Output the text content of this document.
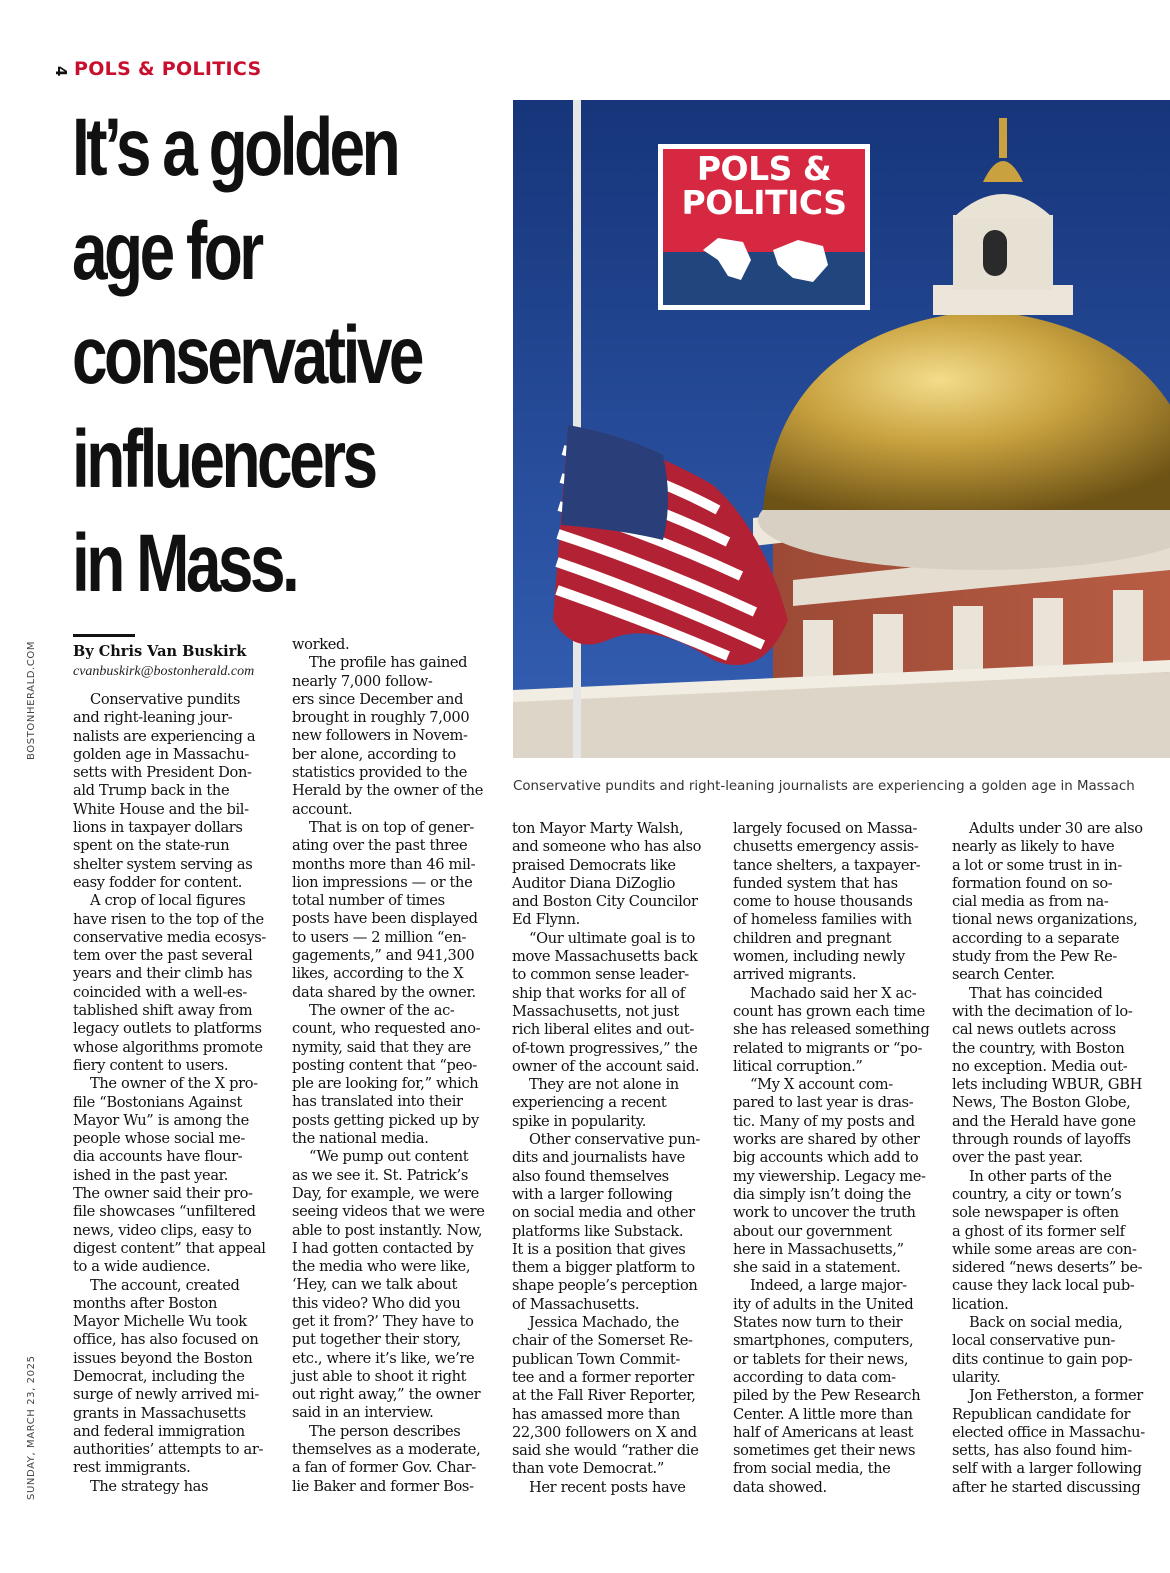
4 POLS & POLITICS
It’s a golden
age for
conservative
influencers
in Mass.
POLS &
POLITICS
Conservative pundits and right-leaning journalists are experiencing a golden age in Massach
BOSTONHERALD.COM
SUNDAY, MARCH 23, 2025
By Chris Van Buskirk
cvanbuskirk@bostonherald.com
Conservative pundits
and right-leaning jour-
nalists are experiencing a
golden age in Massachu-
setts with President Don-
ald Trump back in the
White House and the bil-
lions in taxpayer dollars
spent on the state-run
shelter system serving as
easy fodder for content.
A crop of local figures
have risen to the top of the
conservative media ecosys-
tem over the past several
years and their climb has
coincided with a well-es-
tablished shift away from
legacy outlets to platforms
whose algorithms promote
fiery content to users.
The owner of the X pro-
file “Bostonians Against
Mayor Wu” is among the
people whose social me-
dia accounts have flour-
ished in the past year.
The owner said their pro-
file showcases “unfiltered
news, video clips, easy to
digest content” that appeal
to a wide audience.
The account, created
months after Boston
Mayor Michelle Wu took
office, has also focused on
issues beyond the Boston
Democrat, including the
surge of newly arrived mi-
grants in Massachusetts
and federal immigration
authorities’ attempts to ar-
rest immigrants.
The strategy has
worked.
The profile has gained
nearly 7,000 follow-
ers since December and
brought in roughly 7,000
new followers in Novem-
ber alone, according to
statistics provided to the
Herald by the owner of the
account.
That is on top of gener-
ating over the past three
months more than 46 mil-
lion impressions — or the
total number of times
posts have been displayed
to users — 2 million “en-
gagements,” and 941,300
likes, according to the X
data shared by the owner.
The owner of the ac-
count, who requested ano-
nymity, said that they are
posting content that “peo-
ple are looking for,” which
has translated into their
posts getting picked up by
the national media.
“We pump out content
as we see it. St. Patrick’s
Day, for example, we were
seeing videos that we were
able to post instantly. Now,
I had gotten contacted by
the media who were like,
‘Hey, can we talk about
this video? Who did you
get it from?’ They have to
put together their story,
etc., where it’s like, we’re
just able to shoot it right
out right away,” the owner
said in an interview.
The person describes
themselves as a moderate,
a fan of former Gov. Char-
lie Baker and former Bos-
ton Mayor Marty Walsh,
and someone who has also
praised Democrats like
Auditor Diana DiZoglio
and Boston City Councilor
Ed Flynn.
“Our ultimate goal is to
move Massachusetts back
to common sense leader-
ship that works for all of
Massachusetts, not just
rich liberal elites and out-
of-town progressives,” the
owner of the account said.
They are not alone in
experiencing a recent
spike in popularity.
Other conservative pun-
dits and journalists have
also found themselves
with a larger following
on social media and other
platforms like Substack.
It is a position that gives
them a bigger platform to
shape people’s perception
of Massachusetts.
Jessica Machado, the
chair of the Somerset Re-
publican Town Commit-
tee and a former reporter
at the Fall River Reporter,
has amassed more than
22,300 followers on X and
said she would “rather die
than vote Democrat.”
Her recent posts have
largely focused on Massa-
chusetts emergency assis-
tance shelters, a taxpayer-
funded system that has
come to house thousands
of homeless families with
children and pregnant
women, including newly
arrived migrants.
Machado said her X ac-
count has grown each time
she has released something
related to migrants or “po-
litical corruption.”
“My X account com-
pared to last year is dras-
tic. Many of my posts and
works are shared by other
big accounts which add to
my viewership. Legacy me-
dia simply isn’t doing the
work to uncover the truth
about our government
here in Massachusetts,”
she said in a statement.
Indeed, a large major-
ity of adults in the United
States now turn to their
smartphones, computers,
or tablets for their news,
according to data com-
piled by the Pew Research
Center. A little more than
half of Americans at least
sometimes get their news
from social media, the
data showed.
Adults under 30 are also
nearly as likely to have
a lot or some trust in in-
formation found on so-
cial media as from na-
tional news organizations,
according to a separate
study from the Pew Re-
search Center.
That has coincided
with the decimation of lo-
cal news outlets across
the country, with Boston
no exception. Media out-
lets including WBUR, GBH
News, The Boston Globe,
and the Herald have gone
through rounds of layoffs
over the past year.
In other parts of the
country, a city or town’s
sole newspaper is often
a ghost of its former self
while some areas are con-
sidered “news deserts” be-
cause they lack local pub-
lication.
Back on social media,
local conservative pun-
dits continue to gain pop-
ularity.
Jon Fetherston, a former
Republican candidate for
elected office in Massachu-
setts, has also found him-
self with a larger following
after he started discussing
